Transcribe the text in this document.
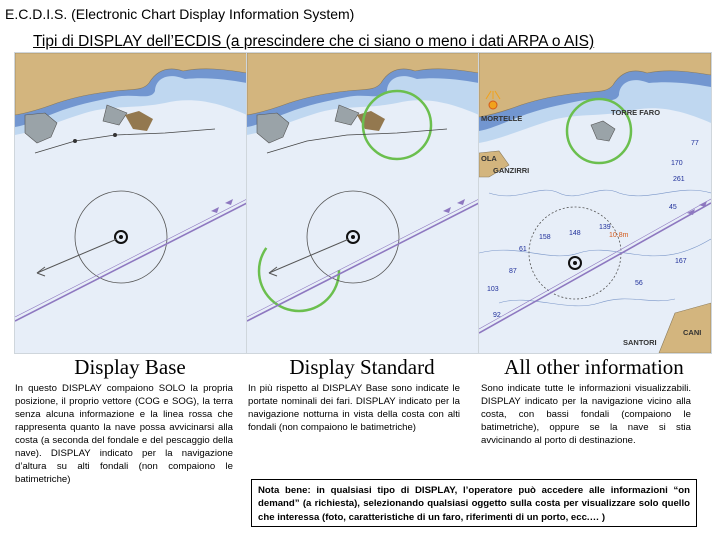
E.C.D.I.S. (Electronic Chart Display Information System)
Tipi di DISPLAY dell’ECDIS (a prescindere che ci siano o meno i dati ARPA o AIS)
MORTELLE
TORRE FARO
OLA
GANZIRRI
SANTORI
CANI
10.8m
77
170
261
45
148
139
167
87
103
61
158
92
56
Display Base	Display Standard	All other information
In questo DISPLAY compaiono SOLO la propria posizione, il proprio vettore (COG e SOG), la terra senza alcuna informazione e la linea rossa che rappresenta quanto la nave possa avvicinarsi alla costa (a seconda del fondale e del pescaggio della nave). DISPLAY indicato per la navigazione d’altura su alti fondali (non compaiono le batimetriche)
In più rispetto al DISPLAY Base sono indicate le portate nominali dei fari. DISPLAY indicato per la navigazione notturna in vista della costa con alti fondali (non compaiono le batimetriche)
Sono indicate tutte le informazioni visualizzabili. DISPLAY indicato per la navigazione vicino alla costa, con bassi fondali (compaiono le batimetriche), oppure se la nave si stia avvicinando al porto di destinazione.
Nota bene: in qualsiasi tipo di DISPLAY, l’operatore può accedere alle informazioni “on demand” (a richiesta), selezionando qualsiasi oggetto sulla costa per visualizzare solo quello che interessa (foto, caratteristiche di un faro, riferimenti di un porto, ecc.… )
